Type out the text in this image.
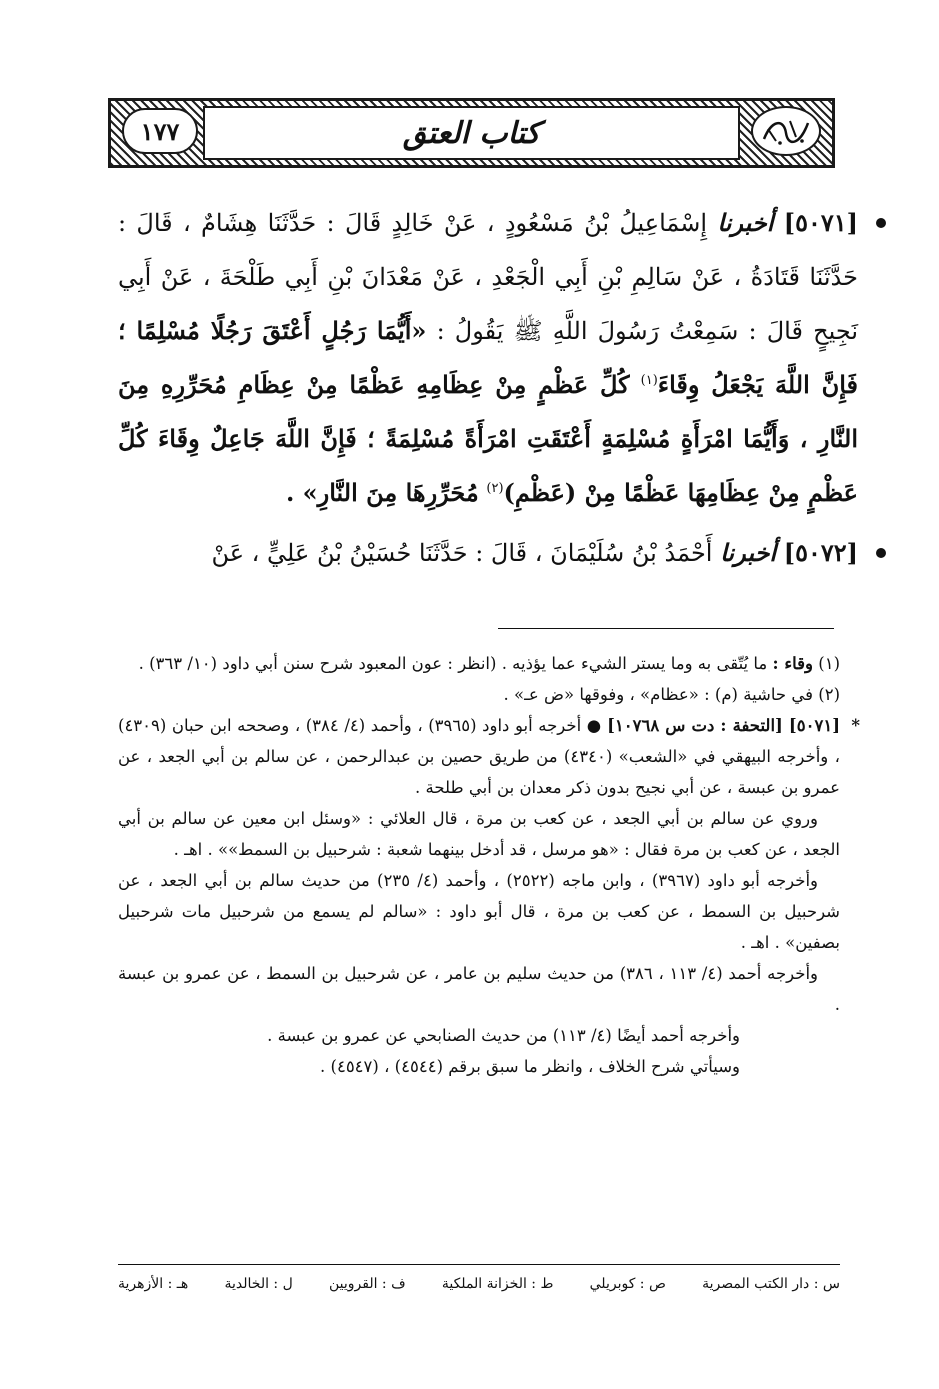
كتاب العتق
١٧٧

[٥٠٧١] أخبرنا إِسْمَاعِيلُ بْنُ مَسْعُودٍ ، عَنْ خَالِدٍ قَالَ : حَدَّثَنَا هِشَامٌ ، قَالَ : حَدَّثَنَا قَتَادَةُ ، عَنْ سَالِمِ بْنِ أَبِي الْجَعْدِ ، عَنْ مَعْدَانَ بْنِ أَبِي طَلْحَةَ ، عَنْ أَبِي نَجِيحٍ قَالَ : سَمِعْتُ رَسُولَ اللَّهِ ﷺ يَقُولُ : «أَيُّمَا رَجُلٍ أَعْتَقَ رَجُلًا مُسْلِمًا ؛ فَإِنَّ اللَّهَ يَجْعَلُ وِقَاءَ$^{(١)}$ كُلِّ عَظْمٍ مِنْ عِظَامِهِ عَظْمًا مِنْ عِظَامِ مُحَرِّرِهِ مِنَ النَّارِ ، وَأَيُّمَا امْرَأَةٍ مُسْلِمَةٍ أَعْتَقَتِ امْرَأَةً مُسْلِمَةً ؛ فَإِنَّ اللَّهَ جَاعِلٌ وِقَاءَ كُلِّ عَظْمٍ مِنْ عِظَامِهَا عَظْمًا مِنْ (عَظْمِ)$^{(٢)}$ مُحَرِّرِهَا مِنَ النَّارِ» .

[٥٠٧٢] أخبرنا أَحْمَدُ بْنُ سُلَيْمَانَ ، قَالَ : حَدَّثَنَا حُسَيْنُ بْنُ عَلِيٍّ ، عَنْ

(١) وقاء : ما يُتّقى به وما يستر الشيء عما يؤذيه . (انظر : عون المعبود شرح سنن أبي داود (١٠/ ٣٦٣) .

(٢) في حاشية (م) : «عظام» ، وفوقها «ض عـ» .

*
[٥٠٧١] [التحفة : دت س ١٠٧٦٨] ● أخرجه أبو داود (٣٩٦٥) ، وأحمد (٤/ ٣٨٤) ، وصححه ابن حبان (٤٣٠٩) ، وأخرجه البيهقي في «الشعب» (٤٣٤٠) من طريق حصين بن عبدالرحمن ، عن سالم بن أبي الجعد ، عن عمرو بن عبسة ، عن أبي نجيح بدون ذكر معدان بن أبي طلحة .

وروي عن سالم بن أبي الجعد ، عن كعب بن مرة ، قال العلائي : «وسئل ابن معين عن سالم بن أبي الجعد ، عن كعب بن مرة فقال : «هو مرسل ، قد أدخل بينهما شعبة : شرحبيل بن السمط»» . اهـ .

وأخرجه أبو داود (٣٩٦٧) ، وابن ماجه (٢٥٢٢) ، وأحمد (٤/ ٢٣٥) من حديث سالم بن أبي الجعد ، عن شرحبيل بن السمط ، عن كعب بن مرة ، قال أبو داود : «سالم لم يسمع من شرحبيل مات شرحبيل بصفين» . اهـ .

وأخرجه أحمد (٤/ ١١٣ ، ٣٨٦) من حديث سليم بن عامر ، عن شرحبيل بن السمط ، عن عمرو بن عبسة .

وأخرجه أحمد أيضًا (٤/ ١١٣) من حديث الصنابحي عن عمرو بن عبسة .

وسيأتي شرح الخلاف ، وانظر ما سبق برقم (٤٥٤٤) ، (٤٥٤٧) .

س : دار الكتب المصرية
ص : كوبريلي
ط : الخزانة الملكية
ف : القرويين
ل : الخالدية
هـ : الأزهرية
